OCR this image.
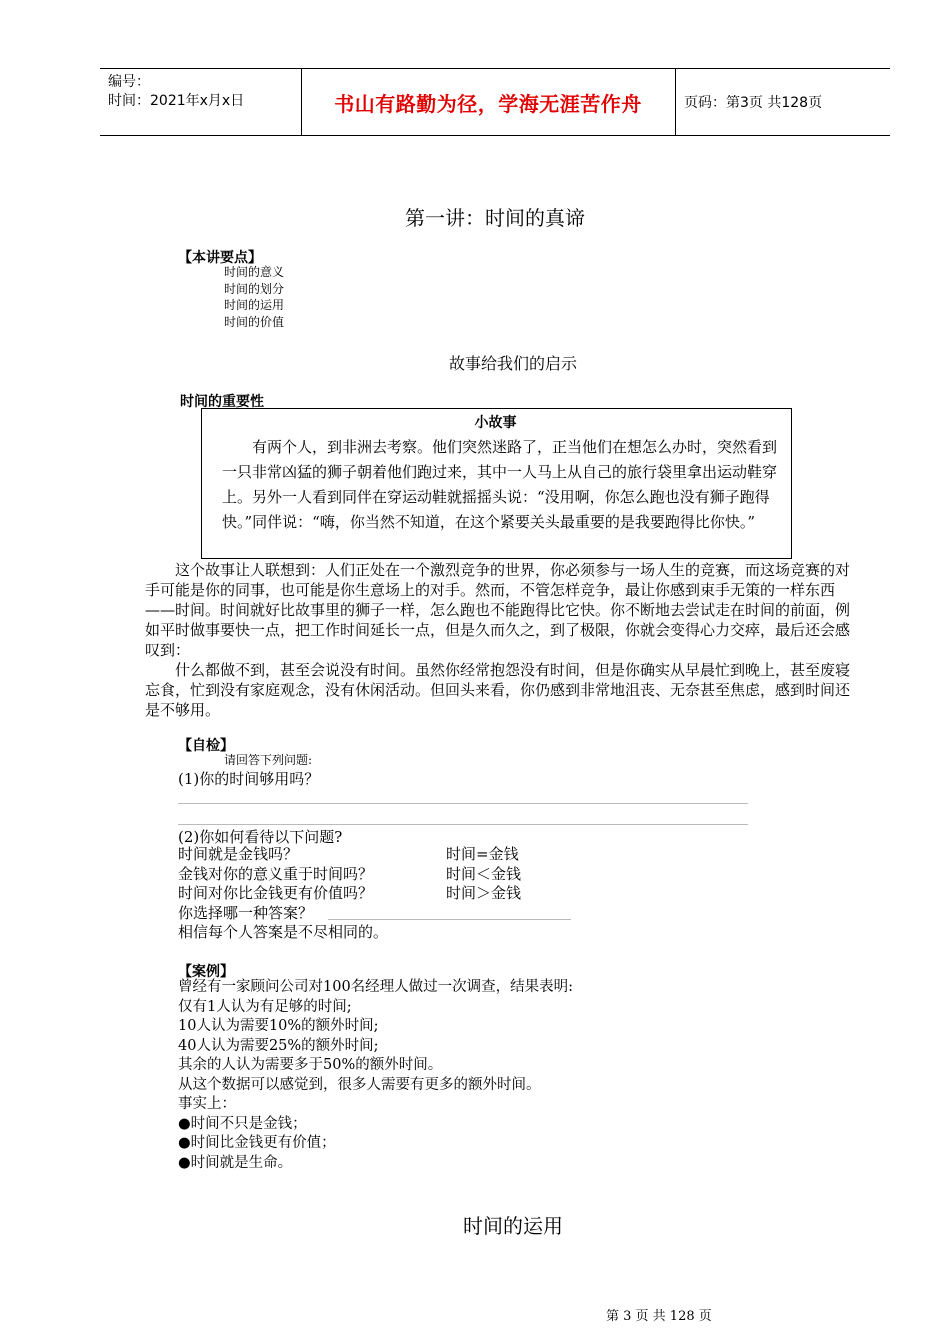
编号：
时间：2021年x月x日	书山有路勤为径，学海无涯苦作舟	页码：第3页 共128页
第一讲：时间的真谛
【本讲要点】
时间的意义
时间的划分
时间的运用
时间的价值
故事给我们的启示
时间的重要性
小故事
有两个人，到非洲去考察。他们突然迷路了，正当他们在想怎么办时，突然看到一只非常凶猛的狮子朝着他们跑过来，其中一人马上从自己的旅行袋里拿出运动鞋穿上。另外一人看到同伴在穿运动鞋就摇摇头说：“没用啊，你怎么跑也没有狮子跑得快。”同伴说：“嗨，你当然不知道，在这个紧要关头最重要的是我要跑得比你快。”

这个故事让人联想到：人们正处在一个激烈竞争的世界，你必须参与一场人生的竞赛，而这场竞赛的对手可能是你的同事，也可能是你生意场上的对手。然而，不管怎样竞争，最让你感到束手无策的一样东西——时间。时间就好比故事里的狮子一样，怎么跑也不能跑得比它快。你不断地去尝试走在时间的前面，例如平时做事要快一点，把工作时间延长一点，但是久而久之，到了极限，你就会变得心力交瘁，最后还会感叹到：

什么都做不到，甚至会说没有时间。虽然你经常抱怨没有时间，但是你确实从早晨忙到晚上，甚至废寝忘食，忙到没有家庭观念，没有休闲活动。但回头来看，你仍感到非常地沮丧、无奈甚至焦虑，感到时间还是不够用。

【自检】
请回答下列问题:
(1)你的时间够用吗？
(2)你如何看待以下问题?
时间就是金钱吗？
金钱对你的意义重于时间吗？
时间对你比金钱更有价值吗？
你选择哪一种答案？
相信每个人答案是不尽相同的。
时间=金钱
时间＜金钱
时间＞金钱
【案例】
曾经有一家顾问公司对100名经理人做过一次调查，结果表明:
仅有1人认为有足够的时间;
10人认为需要10%的额外时间;
40人认为需要25%的额外时间;
其余的人认为需要多于50%的额外时间。
从这个数据可以感觉到，很多人需要有更多的额外时间。
事实上：
●时间不只是金钱；
●时间比金钱更有价值；
●时间就是生命。
时间的运用
第 3 页 共 128 页
